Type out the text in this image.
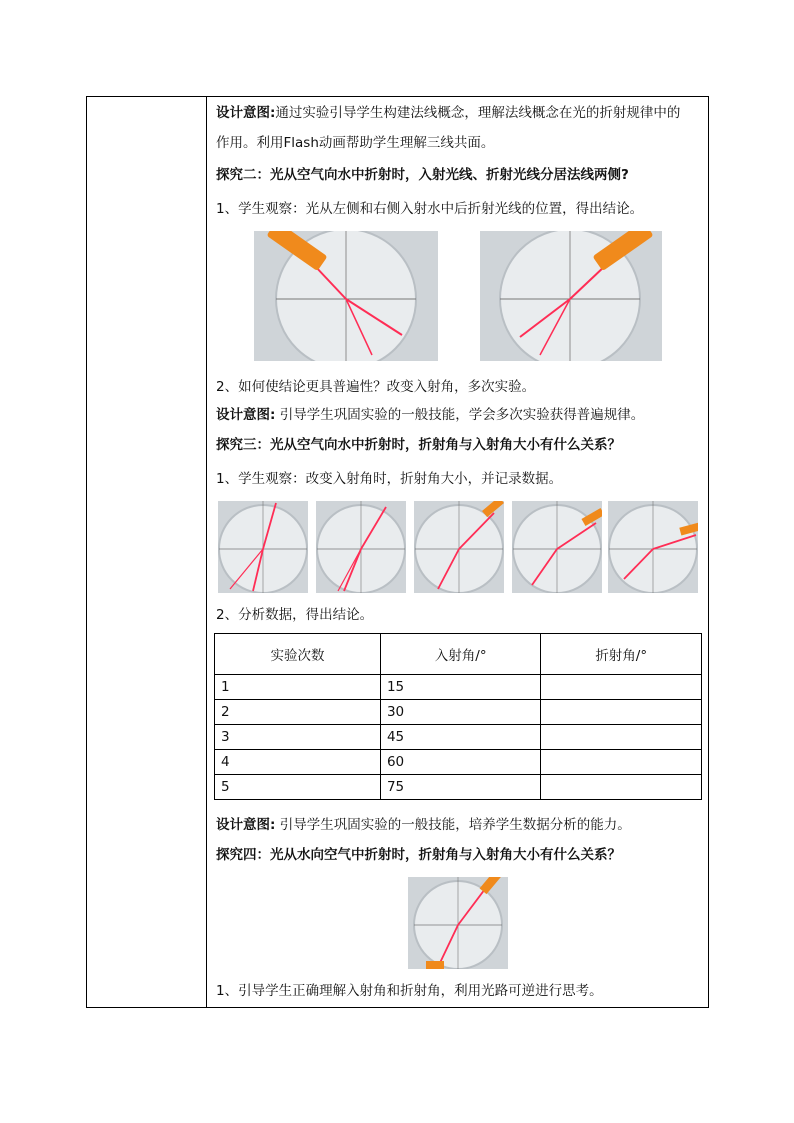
设计意图:通过实验引导学生构建法线概念，理解法线概念在光的折射规律中的
作用。利用Flash动画帮助学生理解三线共面。
探究二：光从空气向水中折射时，入射光线、折射光线分居法线两侧?
1、学生观察：光从左侧和右侧入射水中后折射光线的位置，得出结论。
2、如何使结论更具普遍性？改变入射角，多次实验。
设计意图: 引导学生巩固实验的一般技能，学会多次实验获得普遍规律。
探究三：光从空气向水中折射时，折射角与入射角大小有什么关系？
1、学生观察：改变入射角时，折射角大小，并记录数据。
2、分析数据，得出结论。
实验次数	入射角/°	折射角/°
1	15	
2	30	
3	45	
4	60	
5	75	
设计意图: 引导学生巩固实验的一般技能，培养学生数据分析的能力。
探究四：光从水向空气中折射时，折射角与入射角大小有什么关系？
1、引导学生正确理解入射角和折射角，利用光路可逆进行思考。
